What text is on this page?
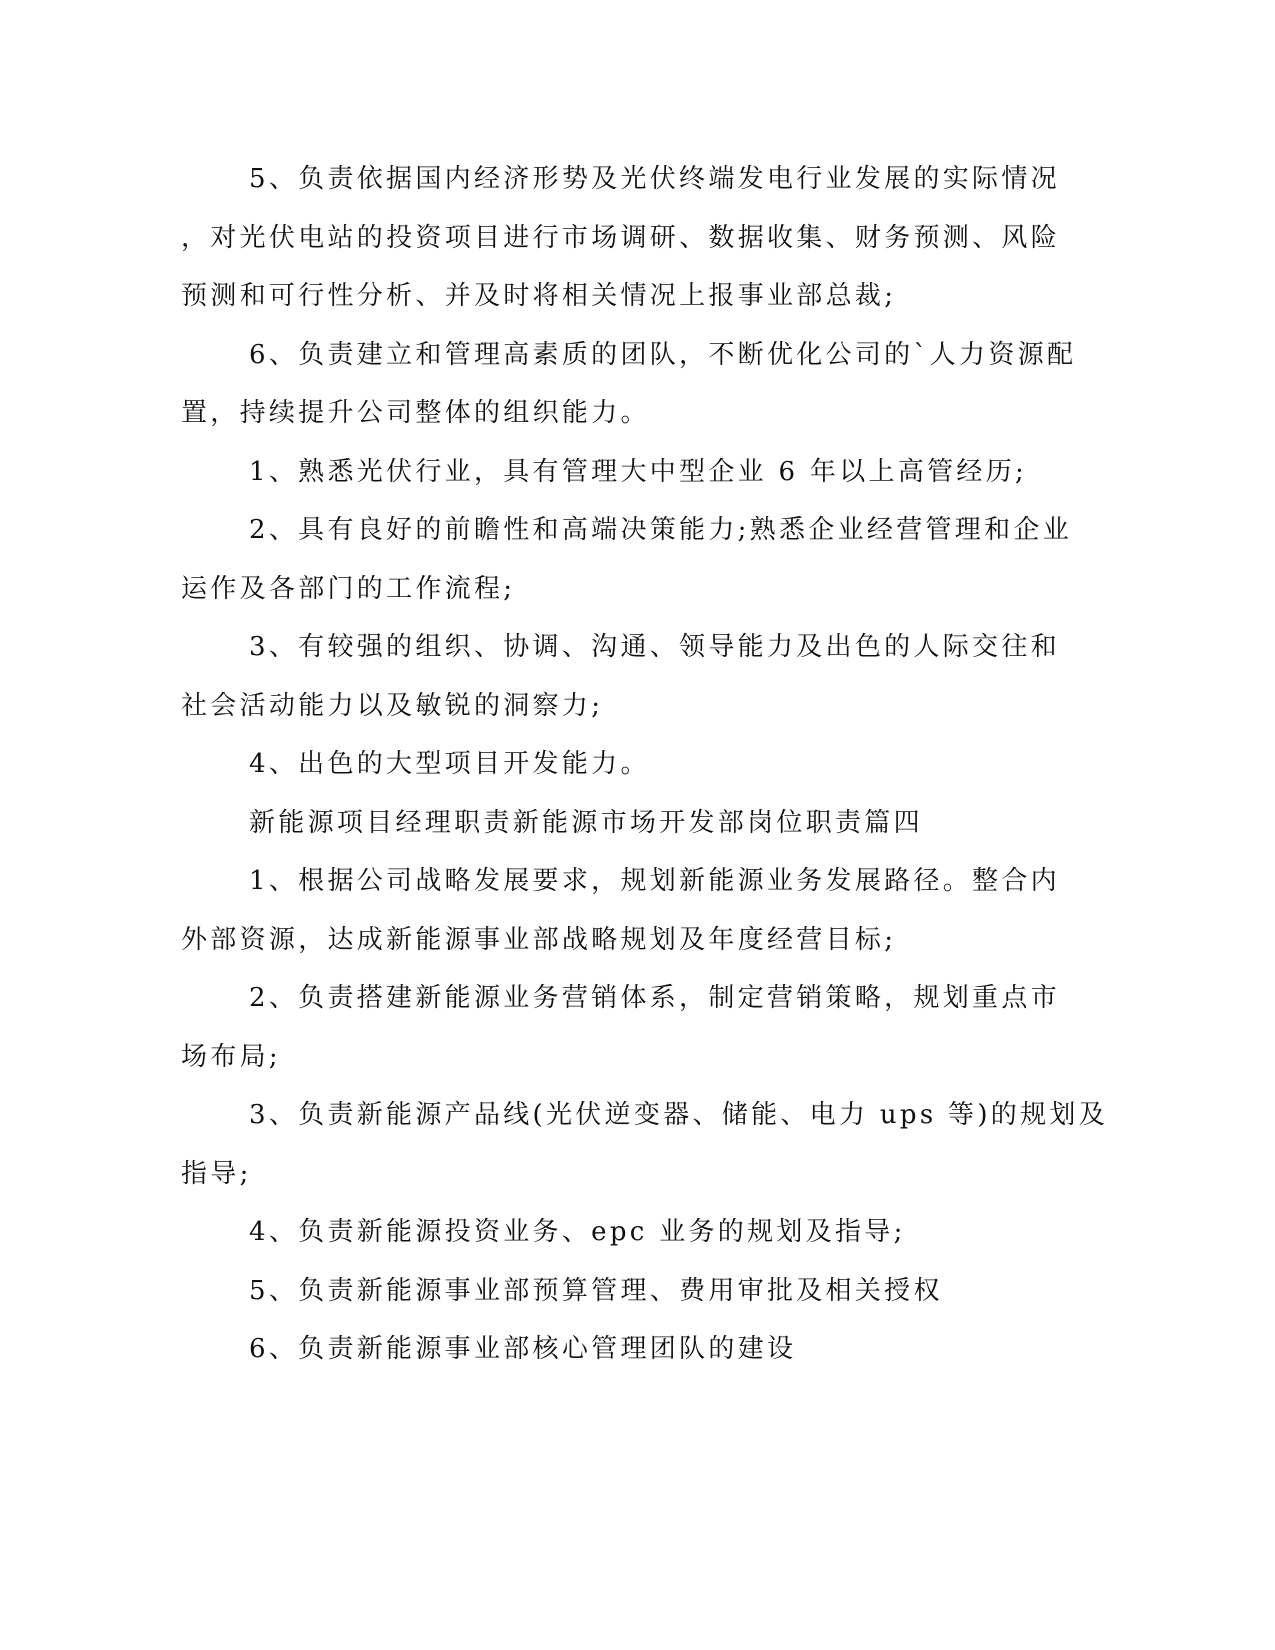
5、负责依据国内经济形势及光伏终端发电行业发展的实际情况

，对光伏电站的投资项目进行市场调研、数据收集、财务预测、风险

预测和可行性分析、并及时将相关情况上报事业部总裁;

6、负责建立和管理高素质的团队，不断优化公司的`人力资源配

置，持续提升公司整体的组织能力。

1、熟悉光伏行业，具有管理大中型企业 6 年以上高管经历;

2、具有良好的前瞻性和高端决策能力;熟悉企业经营管理和企业

运作及各部门的工作流程;

3、有较强的组织、协调、沟通、领导能力及出色的人际交往和

社会活动能力以及敏锐的洞察力;

4、出色的大型项目开发能力。

新能源项目经理职责新能源市场开发部岗位职责篇四

1、根据公司战略发展要求，规划新能源业务发展路径。整合内

外部资源，达成新能源事业部战略规划及年度经营目标;

2、负责搭建新能源业务营销体系，制定营销策略，规划重点市

场布局;

3、负责新能源产品线(光伏逆变器、储能、电力 ups 等)的规划及

指导;

4、负责新能源投资业务、epc 业务的规划及指导;

5、负责新能源事业部预算管理、费用审批及相关授权

6、负责新能源事业部核心管理团队的建设
